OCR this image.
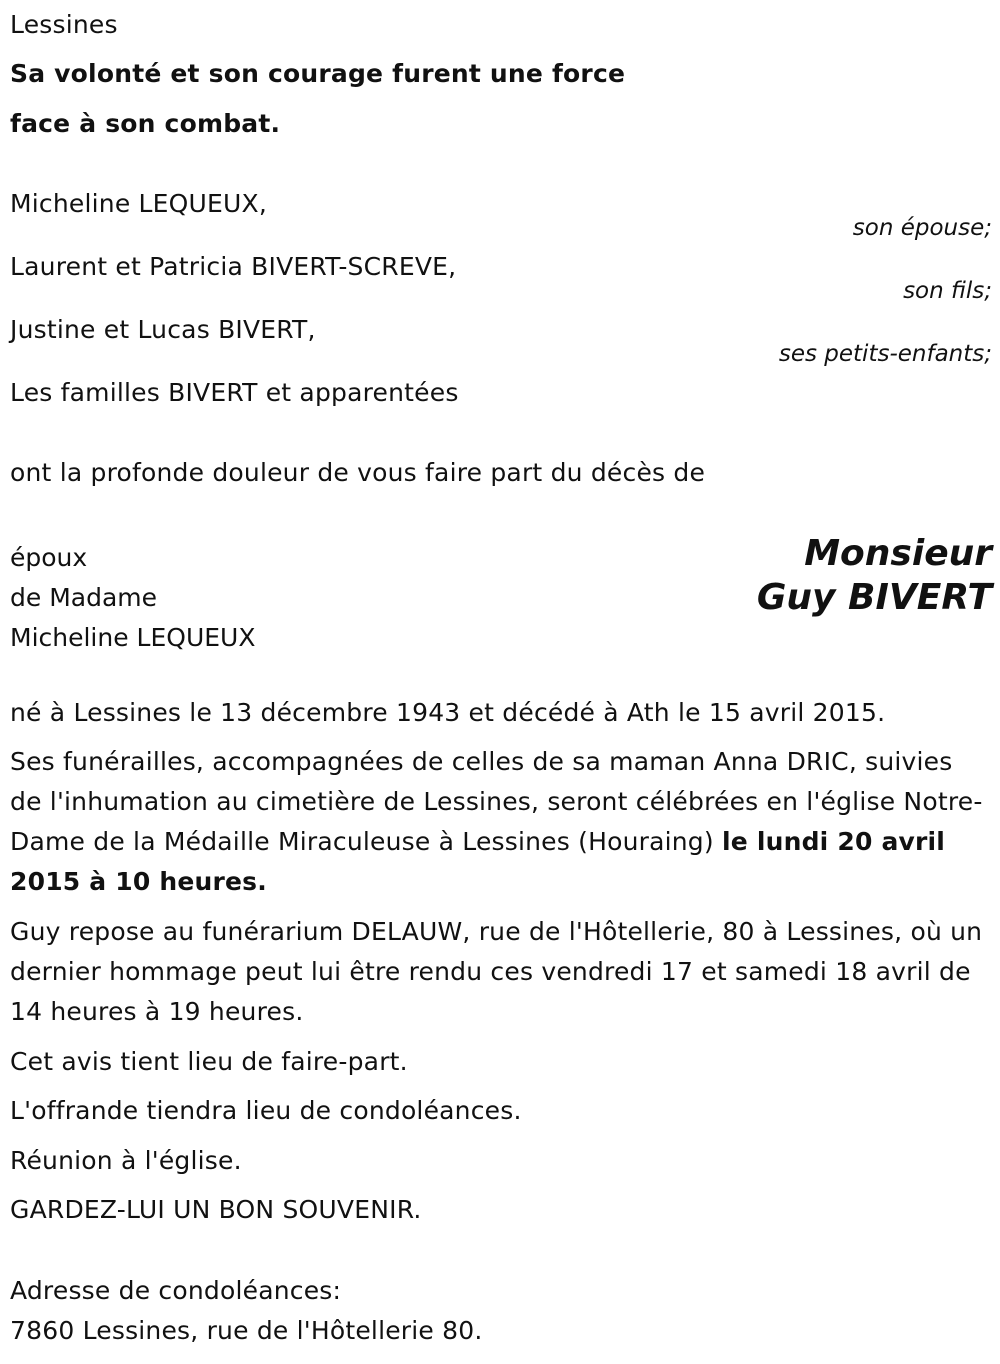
Lessines
Sa volonté et son courage furent une force
face à son combat.
Micheline LEQUEUX,
son épouse;
Laurent et Patricia BIVERT-SCREVE,
son fils;
Justine et Lucas BIVERT,
ses petits-enfants;
Les familles BIVERT et apparentées
ont la profonde douleur de vous faire part du décès de
époux
de Madame
Micheline LEQUEUX
Monsieur
Guy BIVERT
né à Lessines le 13 décembre 1943 et décédé à Ath le 15 avril 2015.
Ses funérailles, accompagnées de celles de sa maman Anna DRIC, suivies de l'inhumation au cimetière de Lessines, seront célébrées en l'église Notre-Dame de la Médaille Miraculeuse à Lessines (Houraing) le lundi 20 avril 2015 à 10 heures.
Guy repose au funérarium DELAUW, rue de l'Hôtellerie, 80 à Lessines, où un dernier hommage peut lui être rendu ces vendredi 17 et samedi 18 avril de 14 heures à 19 heures.
Cet avis tient lieu de faire-part.
L'offrande tiendra lieu de condoléances.
Réunion à l'église.
GARDEZ-LUI UN BON SOUVENIR.
Adresse de condoléances:
7860 Lessines, rue de l'Hôtellerie 80.
